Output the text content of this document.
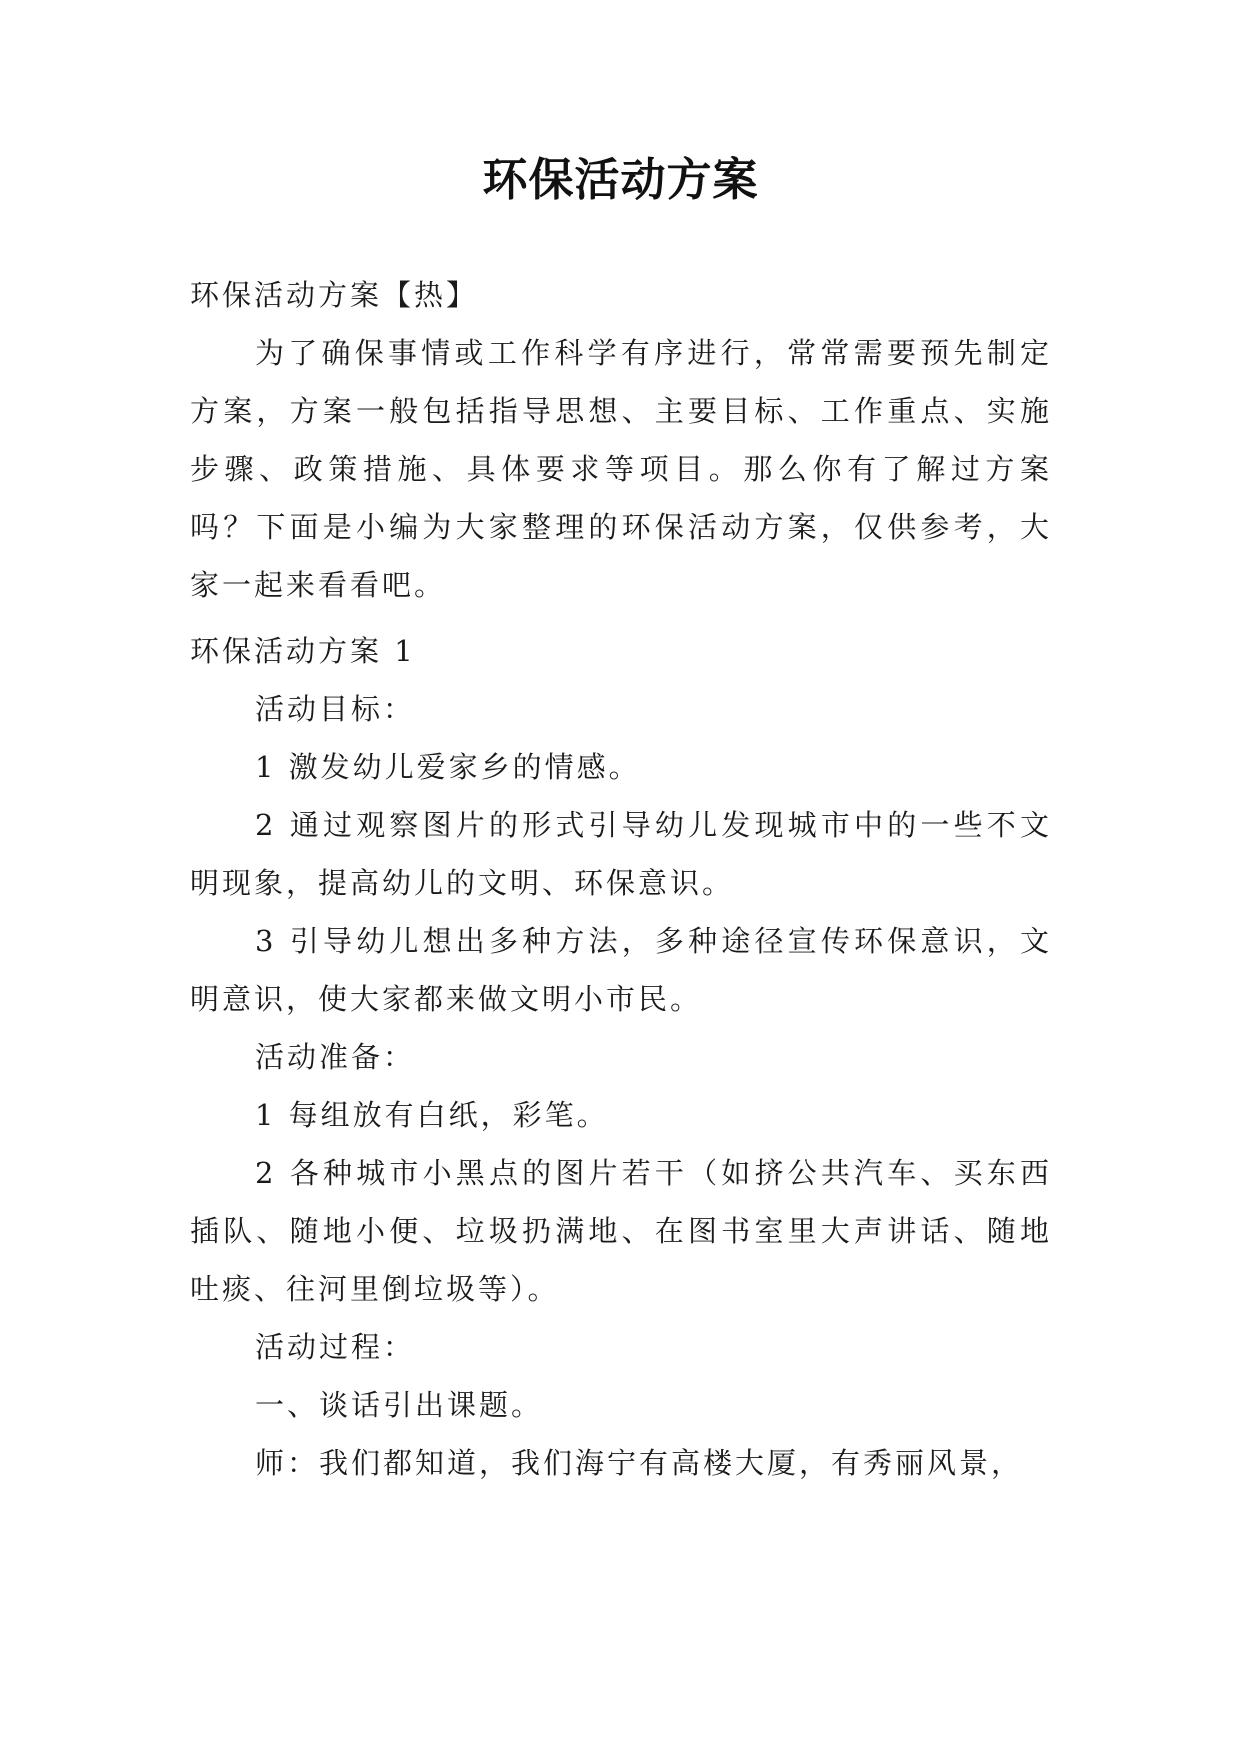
环保活动方案

环保活动方案【热】

为了确保事情或工作科学有序进行，常常需要预先制定方案，方案一般包括指导思想、主要目标、工作重点、实施步骤、政策措施、具体要求等项目。那么你有了解过方案吗？下面是小编为大家整理的环保活动方案，仅供参考，大家一起来看看吧。

环保活动方案 1

活动目标：

1 激发幼儿爱家乡的情感。

2 通过观察图片的形式引导幼儿发现城市中的一些不文明现象，提高幼儿的文明、环保意识。

3 引导幼儿想出多种方法，多种途径宣传环保意识，文明意识，使大家都来做文明小市民。

活动准备：

1 每组放有白纸，彩笔。

2 各种城市小黑点的图片若干（如挤公共汽车、买东西插队、随地小便、垃圾扔满地、在图书室里大声讲话、随地吐痰、往河里倒垃圾等）。

活动过程：

一、谈话引出课题。

师：我们都知道，我们海宁有高楼大厦，有秀丽风景，
